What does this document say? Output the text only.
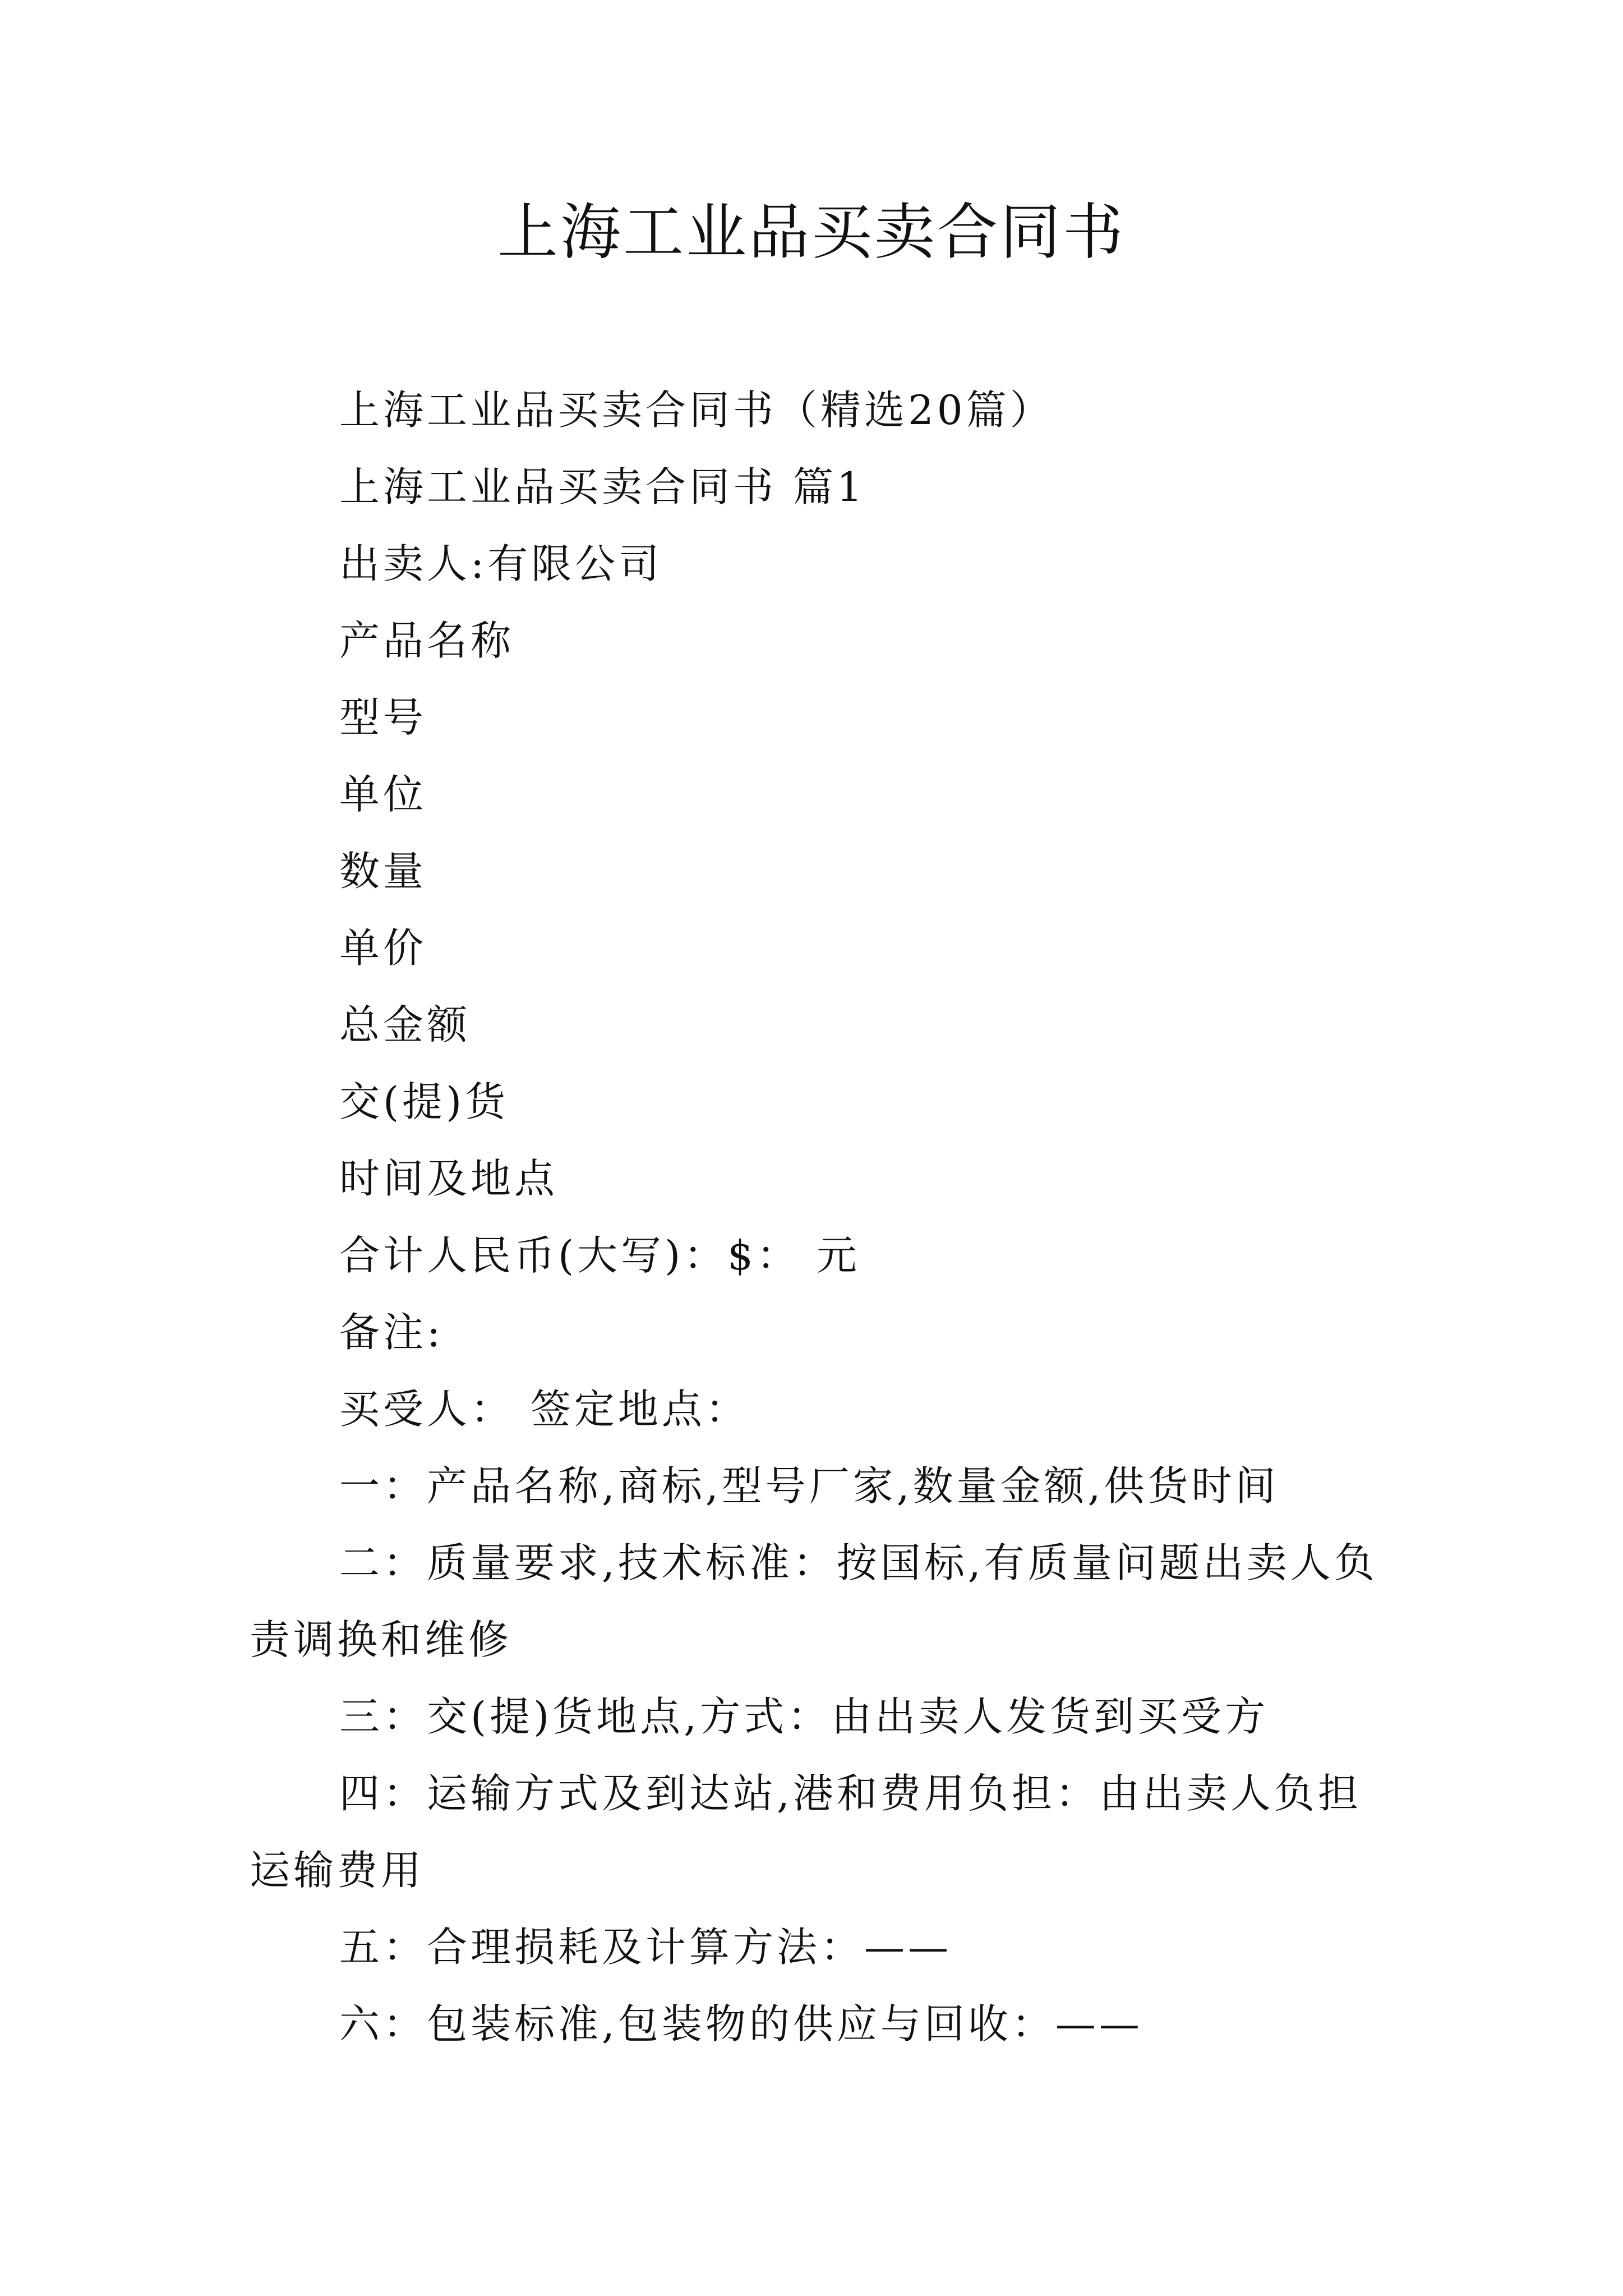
上海工业品买卖合同书

上海工业品买卖合同书（精选20篇）

上海工业品买卖合同书 篇1

出卖人:有限公司

产品名称

型号

单位

数量

单价

总金额

交(提)货

时间及地点

合计人民币(大写)：$： 元

备注:

买受人： 签定地点：

一：产品名称,商标,型号厂家,数量金额,供货时间

二：质量要求,技术标准：按国标,有质量问题出卖人负责调换和维修

三：交(提)货地点,方式：由出卖人发货到买受方

四：运输方式及到达站,港和费用负担：由出卖人负担运输费用

五：合理损耗及计算方法：——

六：包装标准,包装物的供应与回收：——
